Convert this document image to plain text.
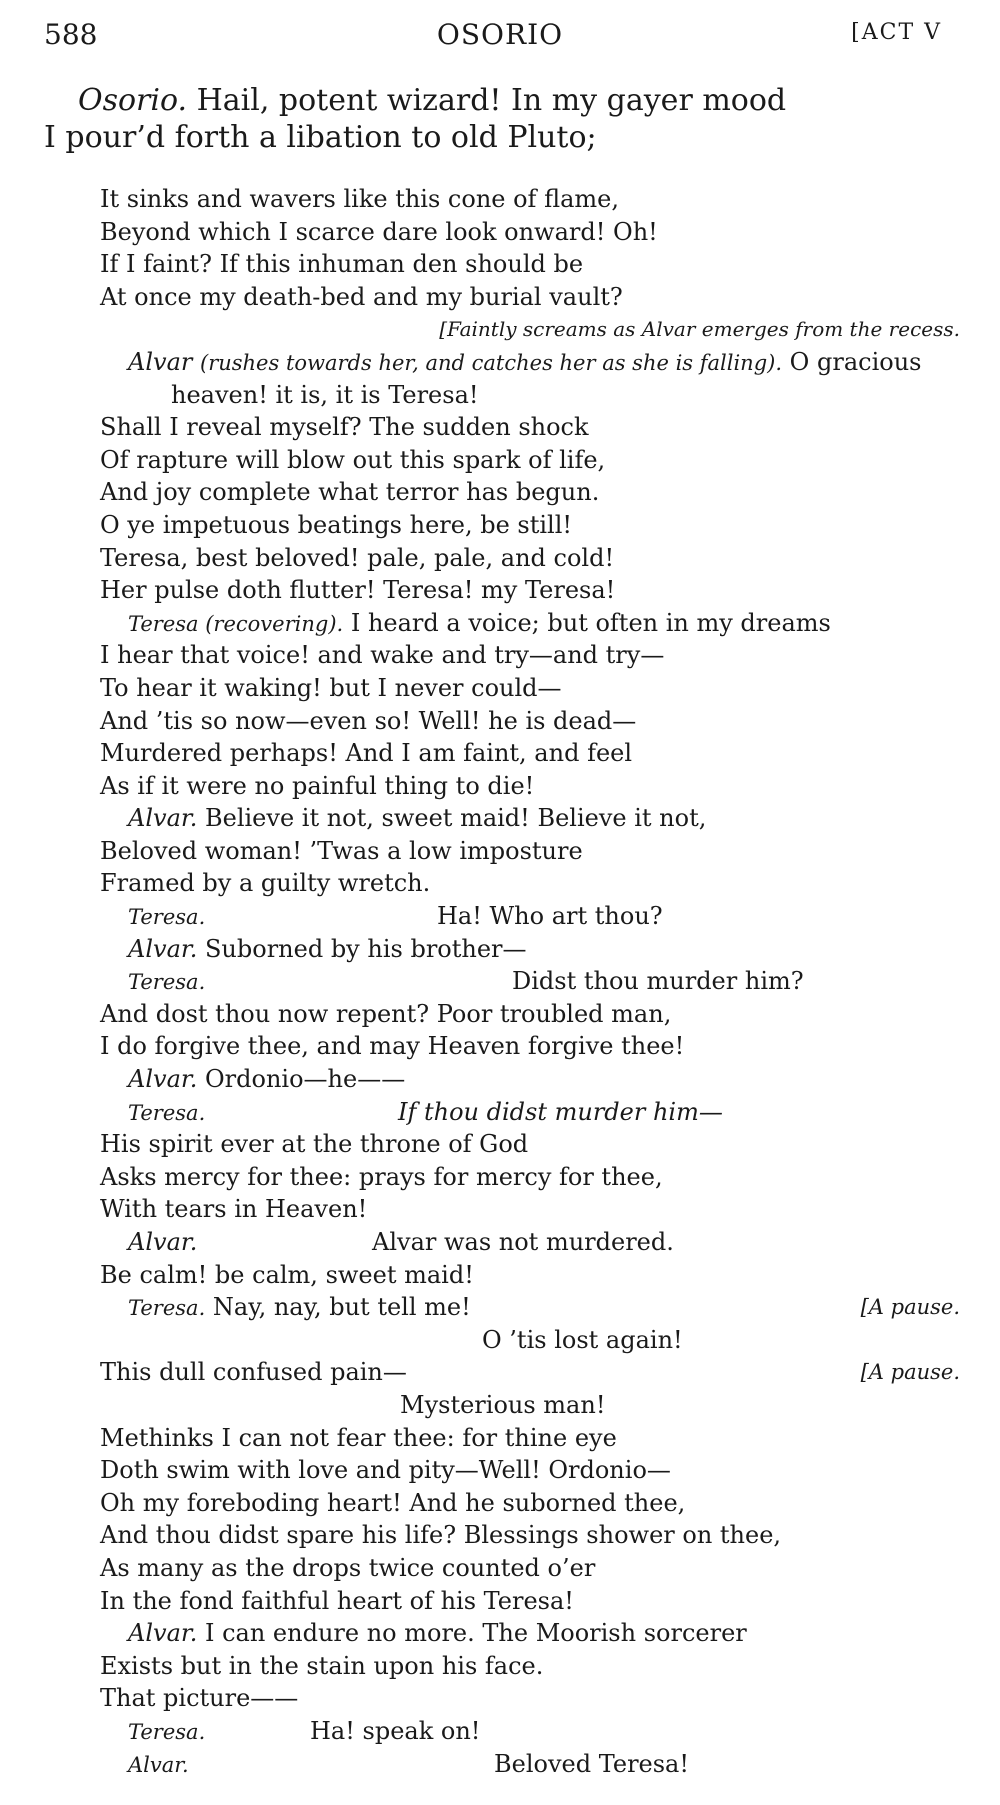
588	OSORIO	[ACT V
Osorio. Hail, potent wizard! In my gayer mood
I pour’d forth a libation to old Pluto;
It sinks and wavers like this cone of flame,
Beyond which I scarce dare look onward! Oh!
If I faint? If this inhuman den should be
At once my death-bed and my burial vault?
[Faintly screams as Alvar emerges from the recess.
Alvar (rushes towards her, and catches her as she is falling). O gracious
heaven! it is, it is Teresa!
Shall I reveal myself? The sudden shock
Of rapture will blow out this spark of life,
And joy complete what terror has begun.
O ye impetuous beatings here, be still!
Teresa, best beloved! pale, pale, and cold!
Her pulse doth flutter! Teresa! my Teresa!
Teresa (recovering). I heard a voice; but often in my dreams
I hear that voice! and wake and try—and try—
To hear it waking! but I never could—
And ’tis so now—even so! Well! he is dead—
Murdered perhaps! And I am faint, and feel
As if it were no painful thing to die!
Alvar. Believe it not, sweet maid! Believe it not,
Beloved woman! ’Twas a low imposture
Framed by a guilty wretch.
Teresa.	Ha! Who art thou?
Alvar. Suborned by his brother—
Teresa.	Didst thou murder him?
And dost thou now repent? Poor troubled man,
I do forgive thee, and may Heaven forgive thee!
Alvar. Ordonio—he——
Teresa.	If thou didst murder him—
His spirit ever at the throne of God
Asks mercy for thee: prays for mercy for thee,
With tears in Heaven!
Alvar.	Alvar was not murdered.
Be calm! be calm, sweet maid!
Teresa. Nay, nay, but tell me!	[A pause.
O ’tis lost again!
This dull confused pain—	[A pause.
Mysterious man!
Methinks I can not fear thee: for thine eye
Doth swim with love and pity—Well! Ordonio—
Oh my foreboding heart! And he suborned thee,
And thou didst spare his life? Blessings shower on thee,
As many as the drops twice counted o’er
In the fond faithful heart of his Teresa!
Alvar. I can endure no more. The Moorish sorcerer
Exists but in the stain upon his face.
That picture——
Teresa.	Ha! speak on!
Alvar.	Beloved Teresa!
